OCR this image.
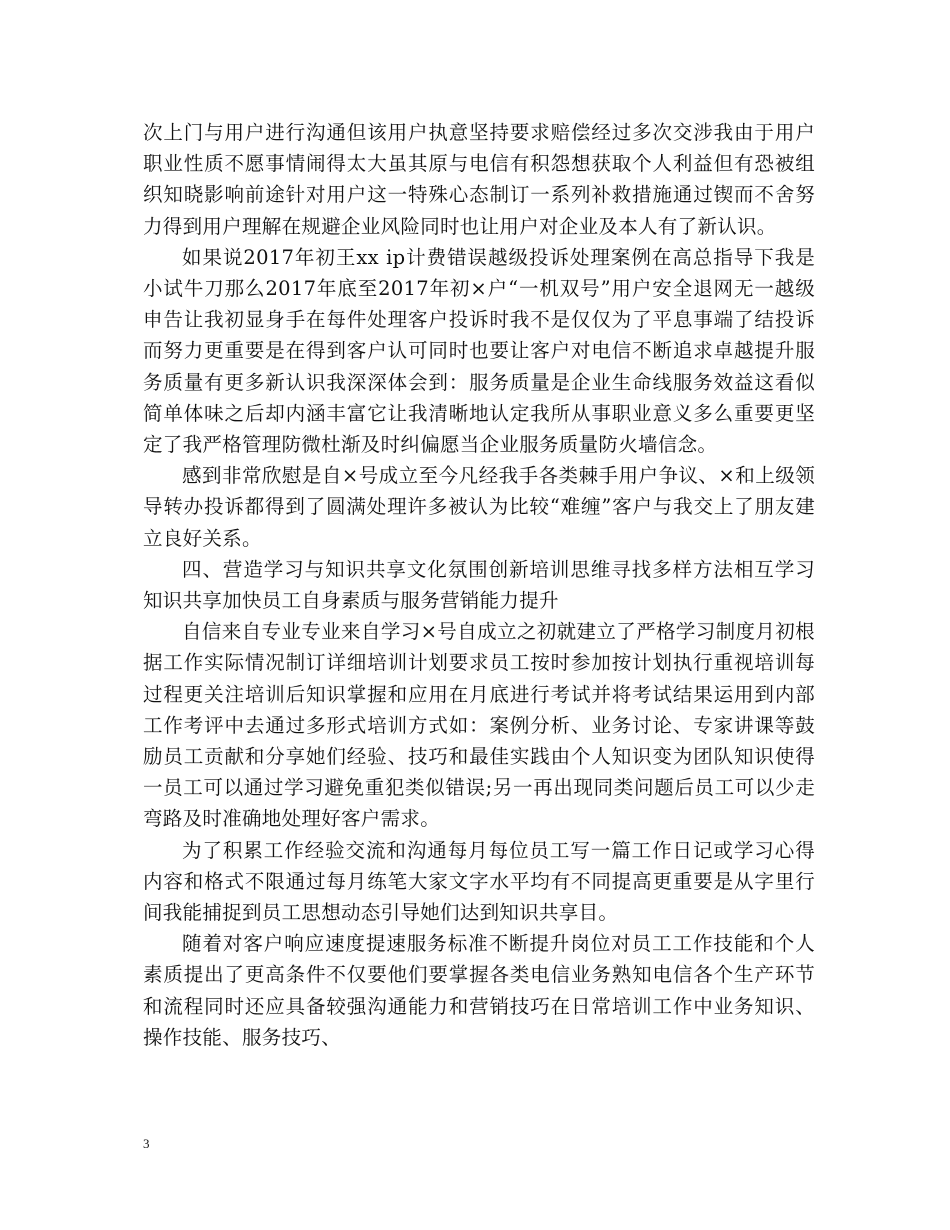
次上门与用户进行沟通但该用户执意坚持要求赔偿经过多次交涉我由于用户职业性质不愿事情闹得太大虽其原与电信有积怨想获取个人利益但有恐被组织知晓影响前途针对用户这一特殊心态制订一系列补救措施通过锲而不舍努力得到用户理解在规避企业风险同时也让用户对企业及本人有了新认识。

如果说2017年初王xx ip计费错误越级投诉处理案例在高总指导下我是小试牛刀那么2017年底至2017年初×户“一机双号”用户安全退网无一越级申告让我初显身手在每件处理客户投诉时我不是仅仅为了平息事端了结投诉而努力更重要是在得到客户认可同时也要让客户对电信不断追求卓越提升服务质量有更多新认识我深深体会到：服务质量是企业生命线服务效益这看似简单体味之后却内涵丰富它让我清晰地认定我所从事职业意义多么重要更坚定了我严格管理防微杜渐及时纠偏愿当企业服务质量防火墙信念。

感到非常欣慰是自×号成立至今凡经我手各类棘手用户争议、×和上级领导转办投诉都得到了圆满处理许多被认为比较“难缠”客户与我交上了朋友建立良好关系。

四、营造学习与知识共享文化氛围创新培训思维寻找多样方法相互学习知识共享加快员工自身素质与服务营销能力提升

自信来自专业专业来自学习×号自成立之初就建立了严格学习制度月初根据工作实际情况制订详细培训计划要求员工按时参加按计划执行重视培训每过程更关注培训后知识掌握和应用在月底进行考试并将考试结果运用到内部工作考评中去通过多形式培训方式如：案例分析、业务讨论、专家讲课等鼓励员工贡献和分享她们经验、技巧和最佳实践由个人知识变为团队知识使得一员工可以通过学习避免重犯类似错误;另一再出现同类问题后员工可以少走弯路及时准确地处理好客户需求。

为了积累工作经验交流和沟通每月每位员工写一篇工作日记或学习心得内容和格式不限通过每月练笔大家文字水平均有不同提高更重要是从字里行间我能捕捉到员工思想动态引导她们达到知识共享目。

随着对客户响应速度提速服务标准不断提升岗位对员工工作技能和个人素质提出了更高条件不仅要他们要掌握各类电信业务熟知电信各个生产环节和流程同时还应具备较强沟通能力和营销技巧在日常培训工作中业务知识、操作技能、服务技巧、

3
